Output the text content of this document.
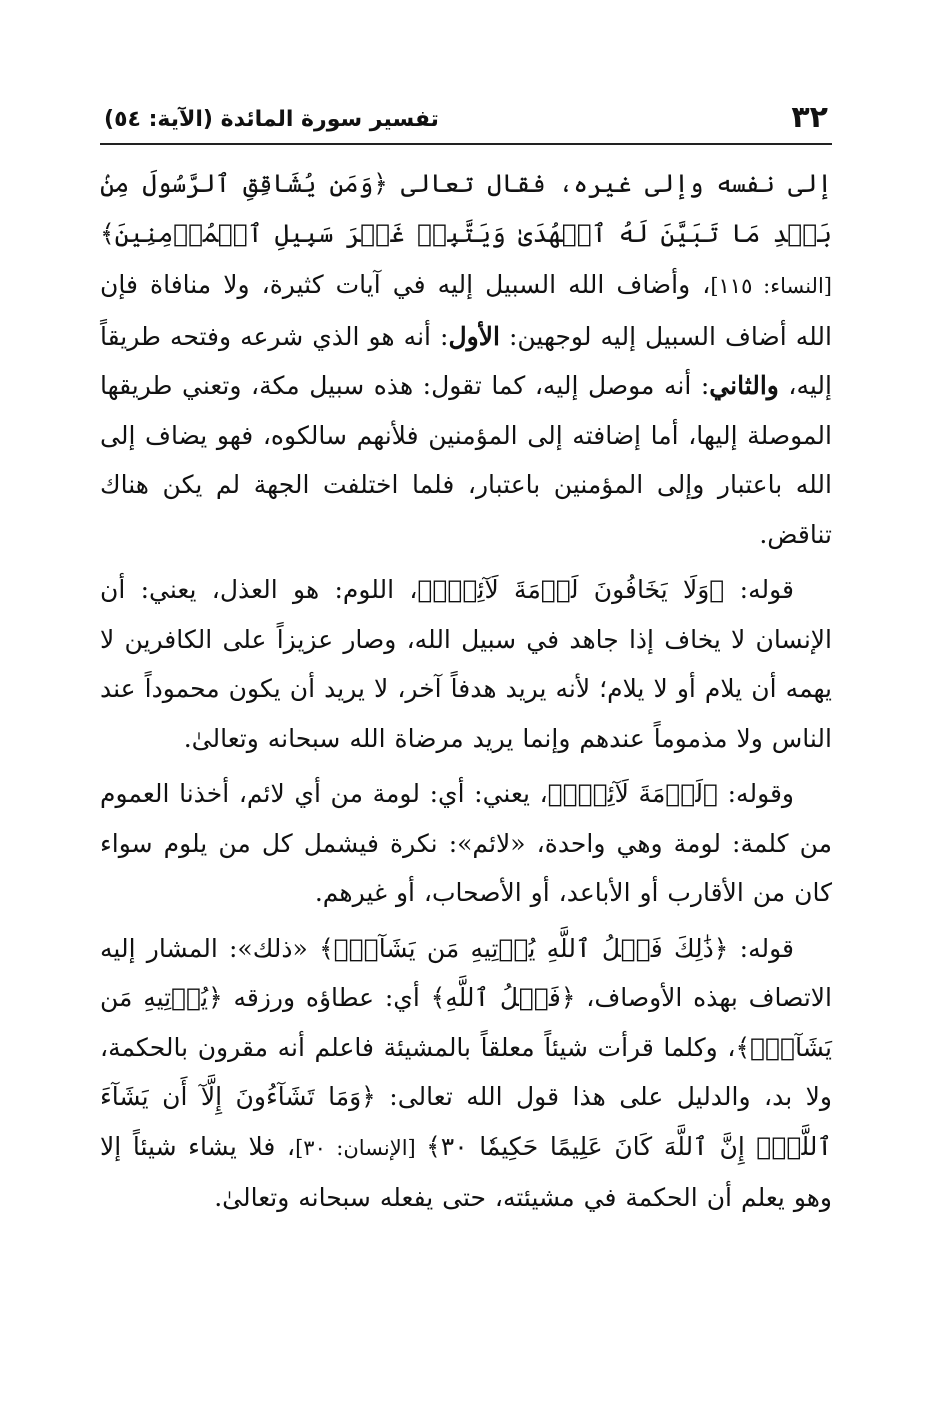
٣٢
تفسير سورة المائدة (الآية: ٥٤)

إلى نفسه وإلى غيره، فقال تعالى ﴿وَمَن يُشَاقِقِ ٱلرَّسُولَ مِنۢ بَعۡدِ مَا تَبَيَّنَ لَهُ ٱلۡهُدَىٰ وَيَتَّبِعۡ غَيۡرَ سَبِيلِ ٱلۡمُؤۡمِنِينَ﴾ [النساء: ١١٥]، وأضاف الله السبيل إليه في آيات كثيرة، ولا منافاة فإن الله أضاف السبيل إليه لوجهين: الأول: أنه هو الذي شرعه وفتحه طريقاً إليه، والثاني: أنه موصل إليه، كما تقول: هذه سبيل مكة، وتعني طريقها الموصلة إليها، أما إضافته إلى المؤمنين فلأنهم سالكوه، فهو يضاف إلى الله باعتبار وإلى المؤمنين باعتبار، فلما اختلفت الجهة لم يكن هناك تناقض.

قوله: ﴿وَلَا يَخَافُونَ لَوۡمَةَ لَآئِمٍۚ﴾، اللوم: هو العذل، يعني: أن الإنسان لا يخاف إذا جاهد في سبيل الله، وصار عزيزاً على الكافرين لا يهمه أن يلام أو لا يلام؛ لأنه يريد هدفاً آخر، لا يريد أن يكون محموداً عند الناس ولا مذموماً عندهم وإنما يريد مرضاة الله سبحانه وتعالىٰ.

وقوله: ﴿لَوۡمَةَ لَآئِمٍۚ﴾، يعني: أي: لومة من أي لائم، أخذنا العموم من كلمة: لومة وهي واحدة، «لائم»: نكرة فيشمل كل من يلوم سواء كان من الأقارب أو الأباعد، أو الأصحاب، أو غيرهم.

قوله: ﴿ذَٰلِكَ فَضۡلُ ٱللَّهِ يُؤۡتِيهِ مَن يَشَآءُۚ﴾ «ذلك»: المشار إليه الاتصاف بهذه الأوصاف، ﴿فَضۡلُ ٱللَّهِ﴾ أي: عطاؤه ورزقه ﴿يُؤۡتِيهِ مَن يَشَآءُۚ﴾، وكلما قرأت شيئاً معلقاً بالمشيئة فاعلم أنه مقرون بالحكمة، ولا بد، والدليل على هذا قول الله تعالى: ﴿وَمَا تَشَآءُونَ إِلَّآ أَن يَشَآءَ ٱللَّهُۚ إِنَّ ٱللَّهَ كَانَ عَلِيمًا حَكِيمٗا ٣٠﴾ [الإنسان: ٣٠]، فلا يشاء شيئاً إلا وهو يعلم أن الحكمة في مشيئته، حتى يفعله سبحانه وتعالىٰ.
